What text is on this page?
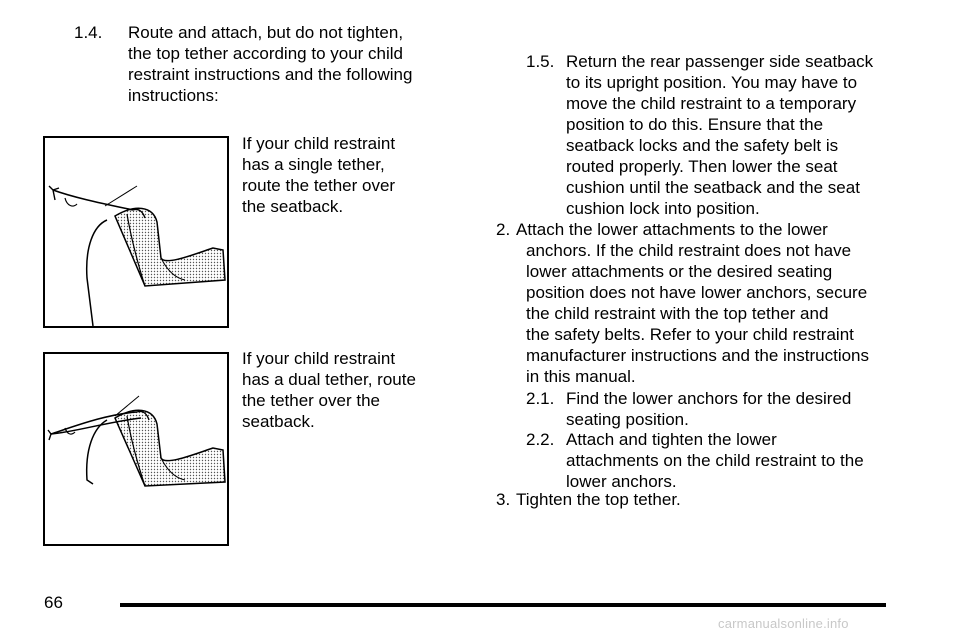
1.4. Route and attach, but do not tighten,
the top tether according to your child
restraint instructions and the following
instructions:
If your child restraint
has a single tether,
route the tether over
the seatback.
If your child restraint
has a dual tether, route
the tether over the
seatback.
1.5. Return the rear passenger side seatback
to its upright position. You may have to
move the child restraint to a temporary
position to do this. Ensure that the
seatback locks and the safety belt is
routed properly. Then lower the seat
cushion until the seatback and the seat
cushion lock into position.
2. Attach the lower attachments to the lower
anchors. If the child restraint does not have
lower attachments or the desired seating
position does not have lower anchors, secure
the child restraint with the top tether and
the safety belts. Refer to your child restraint
manufacturer instructions and the instructions
in this manual.
2.1. Find the lower anchors for the desired
seating position.
2.2. Attach and tighten the lower
attachments on the child restraint to the
lower anchors.
3. Tighten the top tether.
66
carmanualsonline.info
